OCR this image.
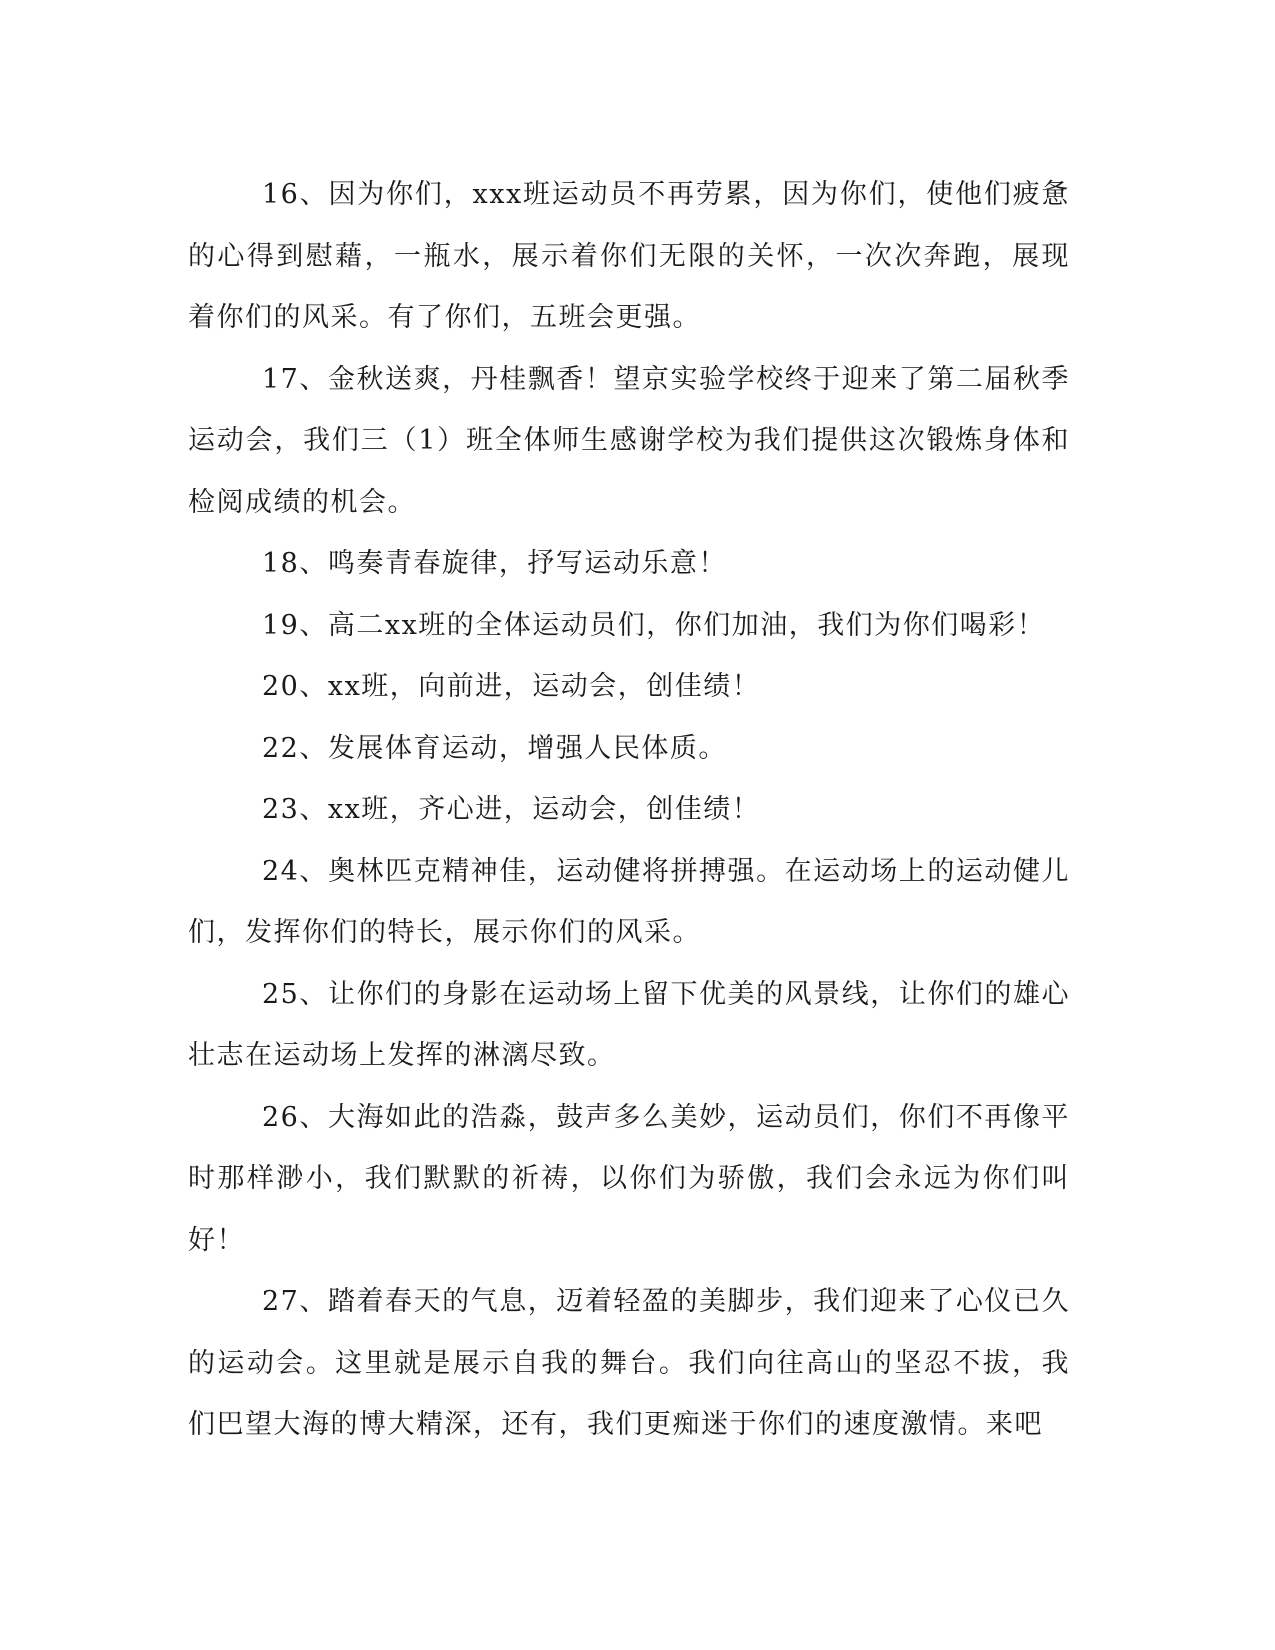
16、因为你们，xxx班运动员不再劳累，因为你们，使他们疲惫的心得到慰藉，一瓶水，展示着你们无限的关怀，一次次奔跑，展现着你们的风采。有了你们，五班会更强。

17、金秋送爽，丹桂飘香！望京实验学校终于迎来了第二届秋季运动会，我们三（1）班全体师生感谢学校为我们提供这次锻炼身体和检阅成绩的机会。

18、鸣奏青春旋律，抒写运动乐意！

19、高二xx班的全体运动员们，你们加油，我们为你们喝彩！

20、xx班，向前进，运动会，创佳绩！

22、发展体育运动，增强人民体质。

23、xx班，齐心进，运动会，创佳绩！

24、奥林匹克精神佳，运动健将拼搏强。在运动场上的运动健儿们，发挥你们的特长，展示你们的风采。

25、让你们的身影在运动场上留下优美的风景线，让你们的雄心壮志在运动场上发挥的淋漓尽致。

26、大海如此的浩淼，鼓声多么美妙，运动员们，你们不再像平时那样渺小，我们默默的祈祷，以你们为骄傲，我们会永远为你们叫好！

27、踏着春天的气息，迈着轻盈的美脚步，我们迎来了心仪已久的运动会。这里就是展示自我的舞台。我们向往高山的坚忍不拔，我们巴望大海的博大精深，还有，我们更痴迷于你们的速度激情。来吧
